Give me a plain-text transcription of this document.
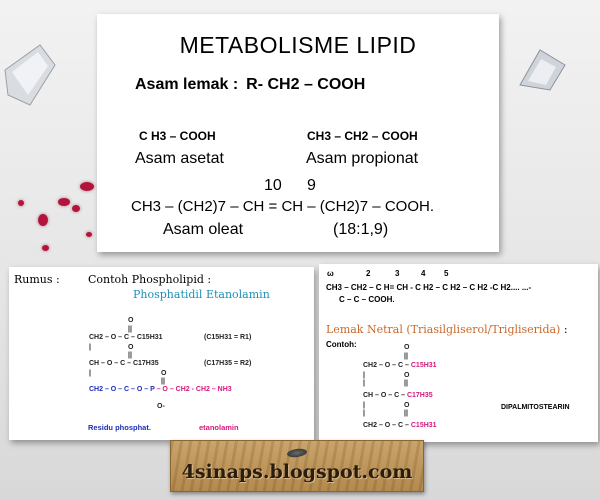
METABOLISME LIPID
Asam lemak : R- CH2 – COOH
C H3 – COOH	CH3 – CH2 – COOH
Asam asetat	Asam propionat
10 9
CH3 – (CH2)7 – CH = CH – (CH2)7 – COOH.
Asam oleat	(18:1,9)
Rumus :	Contoh Phospholipid :
Phosphatidil Etanolamin
O
||
CH2 – O – C – C15H31	(C15H31 = R1)
|	O
||
CH – O – C – C17H35	(C17H35 = R2)
|	O
||
CH2 – O – C – O – P – O – CH2 - CH2 – NH3
O-
Residu phosphat.	etanolamin
ω	2	3	4 5
CH3 – CH2 – C H= CH - C H2 – C H2 – C H2 -C H2.... ...-
C – C – COOH.
Lemak Netral (Triasilgliserol/Trigliserida) :
Contoh:	O
||
CH2 – O – C – C15H31
|	O
|	||
CH – O – C – C17H35
|	O
|	||
CH2 – O – C – C15H31
DIPALMITOSTEARIN
4sinaps.blogspot.com
